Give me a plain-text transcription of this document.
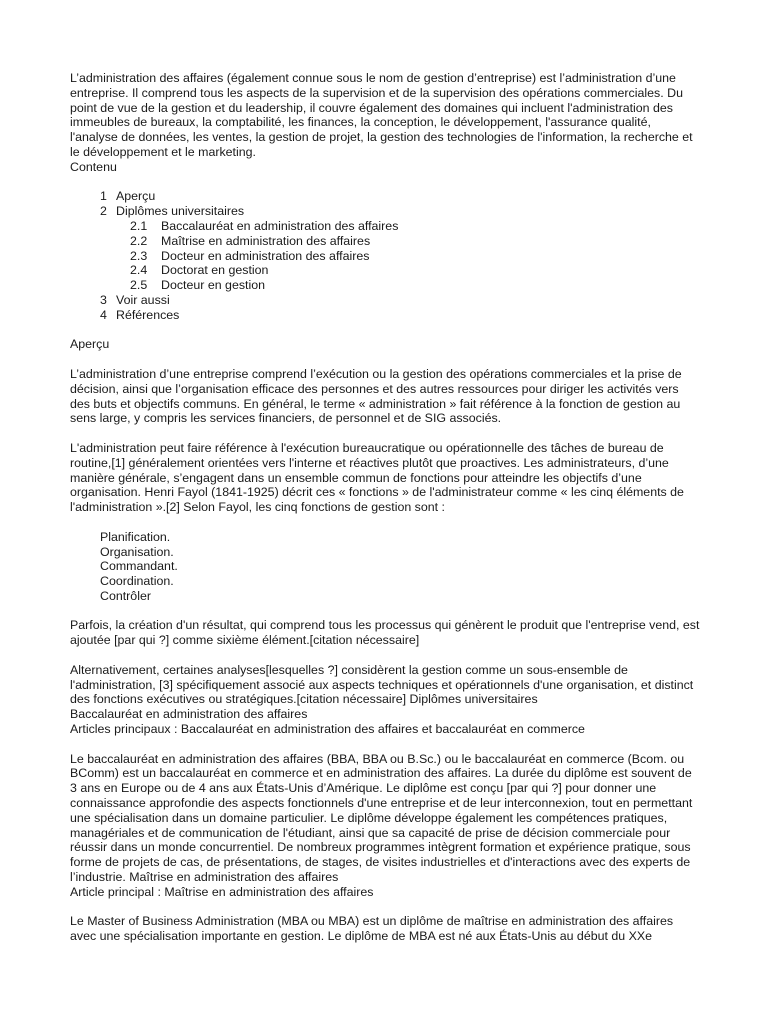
L’administration des affaires (également connue sous le nom de gestion d’entreprise) est l’administration d’une entreprise. Il comprend tous les aspects de la supervision et de la supervision des opérations commerciales. Du point de vue de la gestion et du leadership, il couvre également des domaines qui incluent l'administration des immeubles de bureaux, la comptabilité, les finances, la conception, le développement, l'assurance qualité, l'analyse de données, les ventes, la gestion de projet, la gestion des technologies de l'information, la recherche et le développement et le marketing.

Contenu

1 Aperçu
2 Diplômes universitaires
2.1 Baccalauréat en administration des affaires
2.2 Maîtrise en administration des affaires
2.3 Docteur en administration des affaires
2.4 Doctorat en gestion
2.5 Docteur en gestion
3 Voir aussi
4 Références

Aperçu

L’administration d’une entreprise comprend l’exécution ou la gestion des opérations commerciales et la prise de décision, ainsi que l’organisation efficace des personnes et des autres ressources pour diriger les activités vers des buts et objectifs communs. En général, le terme « administration » fait référence à la fonction de gestion au sens large, y compris les services financiers, de personnel et de SIG associés.

L'administration peut faire référence à l'exécution bureaucratique ou opérationnelle des tâches de bureau de routine,[1] généralement orientées vers l'interne et réactives plutôt que proactives. Les administrateurs, d’une manière générale, s’engagent dans un ensemble commun de fonctions pour atteindre les objectifs d’une organisation. Henri Fayol (1841-1925) décrit ces « fonctions » de l'administrateur comme « les cinq éléments de l'administration ».[2] Selon Fayol, les cinq fonctions de gestion sont :

Planification.
Organisation.
Commandant.
Coordination.
Contrôler

Parfois, la création d'un résultat, qui comprend tous les processus qui génèrent le produit que l'entreprise vend, est ajoutée [par qui ?] comme sixième élément.[citation nécessaire]

Alternativement, certaines analyses[lesquelles ?] considèrent la gestion comme un sous-ensemble de l'administration, [3] spécifiquement associé aux aspects techniques et opérationnels d'une organisation, et distinct des fonctions exécutives ou stratégiques.[citation nécessaire] Diplômes universitaires

Baccalauréat en administration des affaires

Articles principaux : Baccalauréat en administration des affaires et baccalauréat en commerce

Le baccalauréat en administration des affaires (BBA, BBA ou B.Sc.) ou le baccalauréat en commerce (Bcom. ou BComm) est un baccalauréat en commerce et en administration des affaires. La durée du diplôme est souvent de 3 ans en Europe ou de 4 ans aux États-Unis d’Amérique. Le diplôme est conçu [par qui ?] pour donner une connaissance approfondie des aspects fonctionnels d'une entreprise et de leur interconnexion, tout en permettant une spécialisation dans un domaine particulier. Le diplôme développe également les compétences pratiques, managériales et de communication de l'étudiant, ainsi que sa capacité de prise de décision commerciale pour réussir dans un monde concurrentiel. De nombreux programmes intègrent formation et expérience pratique, sous forme de projets de cas, de présentations, de stages, de visites industrielles et d'interactions avec des experts de l’industrie. Maîtrise en administration des affaires

Article principal : Maîtrise en administration des affaires

Le Master of Business Administration (MBA ou MBA) est un diplôme de maîtrise en administration des affaires avec une spécialisation importante en gestion. Le diplôme de MBA est né aux États-Unis au début du XXe
